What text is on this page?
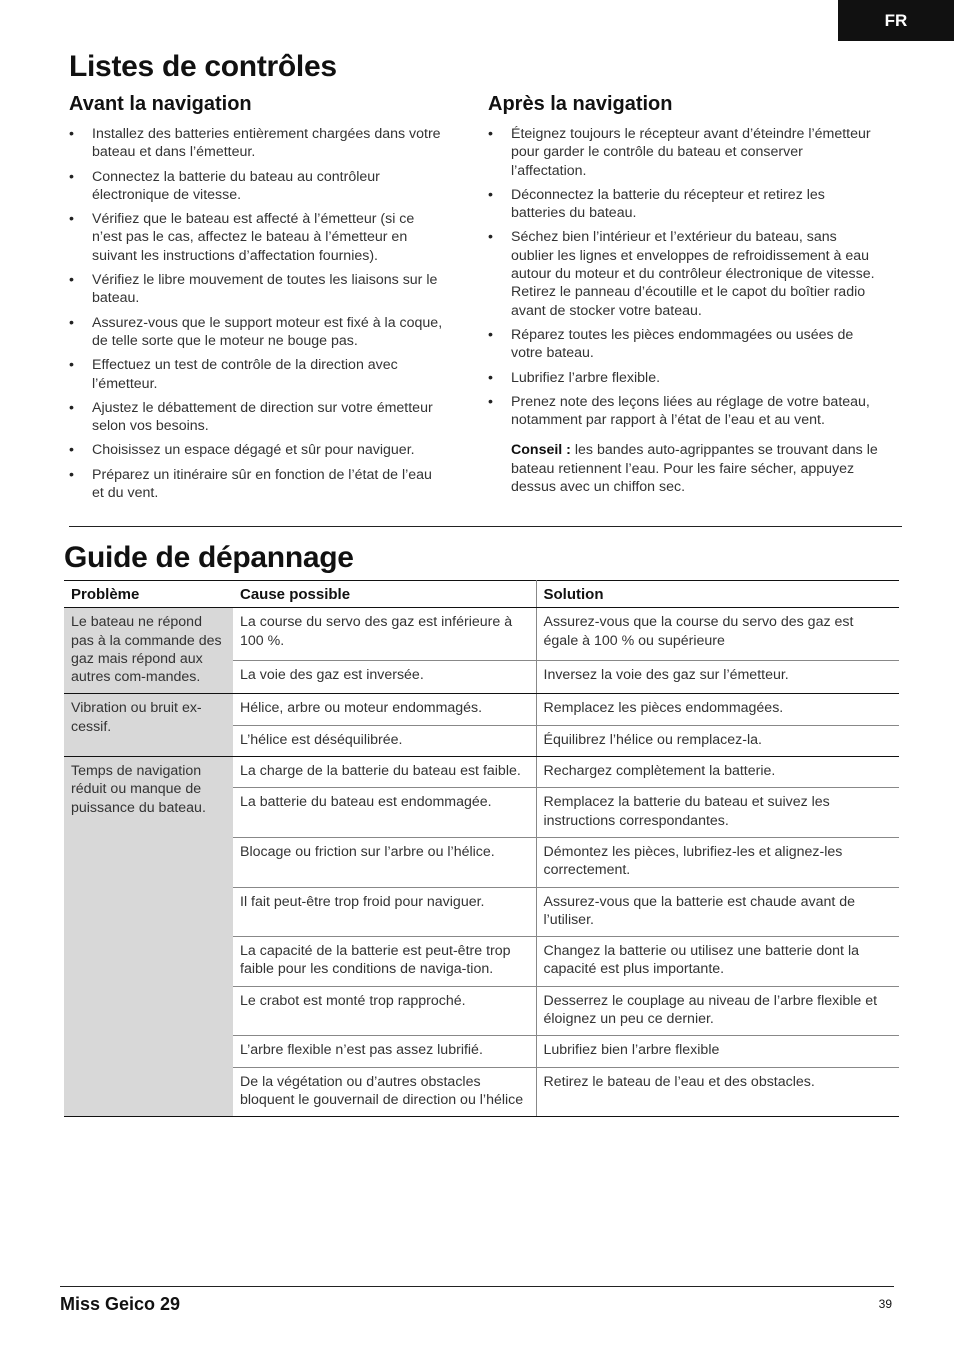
FR
Listes de contrôles
Avant la navigation
• Installez des batteries entièrement chargées dans votre bateau et dans l’émetteur.
• Connectez la batterie du bateau au contrôleur électronique de vitesse.
• Vérifiez que le bateau est affecté à l’émetteur (si ce n’est pas le cas, affectez le bateau à l’émetteur en suivant les instructions d’affectation fournies).
• Vérifiez le libre mouvement de toutes les liaisons sur le bateau.
• Assurez-vous que le support moteur est fixé à la coque, de telle sorte que le moteur ne bouge pas.
• Effectuez un test de contrôle de la direction avec l’émetteur.
• Ajustez le débattement de direction sur votre émetteur selon vos besoins.
• Choisissez un espace dégagé et sûr pour naviguer.
• Préparez un itinéraire sûr en fonction de l’état de l’eau et du vent.
Après la navigation
• Éteignez toujours le récepteur avant d’éteindre l’émetteur pour garder le contrôle du bateau et conserver l’affectation.
• Déconnectez la batterie du récepteur et retirez les batteries du bateau.
• Séchez bien l’intérieur et l’extérieur du bateau, sans oublier les lignes et enveloppes de refroidissement à eau autour du moteur et du contrôleur électronique de vitesse. Retirez le panneau d’écoutille et le capot du boîtier radio avant de stocker votre bateau.
• Réparez toutes les pièces endommagées ou usées de votre bateau.
• Lubrifiez l’arbre flexible.
• Prenez note des leçons liées au réglage de votre bateau, notamment par rapport à l’état de l’eau et au vent.
Conseil : les bandes auto-agrippantes se trouvant dans le bateau retiennent l’eau. Pour les faire sécher, appuyez dessus avec un chiffon sec.
Guide de dépannage
Problème	Cause possible	Solution
Le bateau ne répond pas à la commande des gaz mais répond aux autres com-mandes.	La course du servo des gaz est inférieure à 100 %.	Assurez-vous que la course du servo des gaz est égale à 100 % ou supérieure
	La voie des gaz est inversée.	Inversez la voie des gaz sur l’émetteur.
Vibration ou bruit ex-cessif.	Hélice, arbre ou moteur endommagés.	Remplacez les pièces endommagées.
	L’hélice est déséquilibrée.	Équilibrez l’hélice ou remplacez-la.
Temps de navigation réduit ou manque de puissance du bateau.	La charge de la batterie du bateau est faible.	Rechargez complètement la batterie.
	La batterie du bateau est endommagée.	Remplacez la batterie du bateau et suivez les instructions correspondantes.
	Blocage ou friction sur l’arbre ou l’hélice.	Démontez les pièces, lubrifiez-les et alignez-les correctement.
	Il fait peut-être trop froid pour naviguer.	Assurez-vous que la batterie est chaude avant de l’utiliser.
	La capacité de la batterie est peut-être trop faible pour les conditions de naviga-tion.	Changez la batterie ou utilisez une batterie dont la capacité est plus importante.
	Le crabot est monté trop rapproché.	Desserrez le couplage au niveau de l’arbre flexible et éloignez un peu ce dernier.
	L’arbre flexible n’est pas assez lubrifié.	Lubrifiez bien l’arbre flexible
	De la végétation ou d’autres obstacles bloquent le gouvernail de direction ou l’hélice	Retirez le bateau de l’eau et des obstacles.
Miss Geico 29	39
